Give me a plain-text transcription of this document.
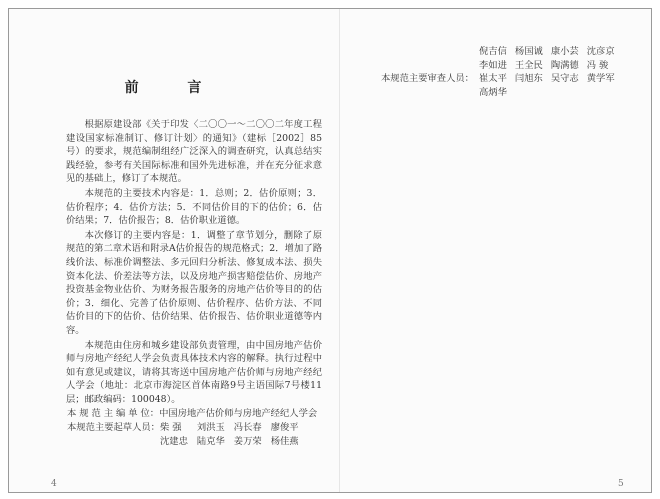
前 言

根据原建设部《关于印发〈二〇〇一～二〇〇二年度工程建设国家标准制订、修订计划〉的通知》（建标［2002］85号）的要求，规范编制组经广泛深入的调查研究，认真总结实践经验，参考有关国际标准和国外先进标准，并在充分征求意见的基础上，修订了本规范。

本规范的主要技术内容是：1．总则；2．估价原则；3．估价程序；4．估价方法；5．不同估价目的下的估价；6．估价结果；7．估价报告；8．估价职业道德。

本次修订的主要内容是：1．调整了章节划分，删除了原规范的第二章术语和附录A估价报告的规范格式；2．增加了路线价法、标准价调整法、多元回归分析法、修复成本法、损失资本化法、价差法等方法，以及房地产损害赔偿估价、房地产投资基金物业估价、为财务报告服务的房地产估价等目的的估价；3．细化、完善了估价原则、估价程序、估价方法、不同估价目的下的估价、估价结果、估价报告、估价职业道德等内容。

本规范由住房和城乡建设部负责管理，由中国房地产估价师与房地产经纪人学会负责具体技术内容的解释。执行过程中如有意见或建议，请将其寄送中国房地产估价师与房地产经纪人学会（地址：北京市海淀区首体南路9号主语国际7号楼11层；邮政编码：100048）。

本 规 范 主 编 单 位： 中国房地产估价师与房地产经纪人学会
本规范主要起草人员： 柴 强	刘洪玉 冯长春 廖俊平
沈建忠 陆克华 姜万荣 杨佳燕
4
本规范主要审查人员：
倪吉信 杨国诚 康小芸 沈彦京
李如进 王全民 陶满德 冯 骏
崔太平 闫旭东 吴守志 黄学军
高炳华
5
